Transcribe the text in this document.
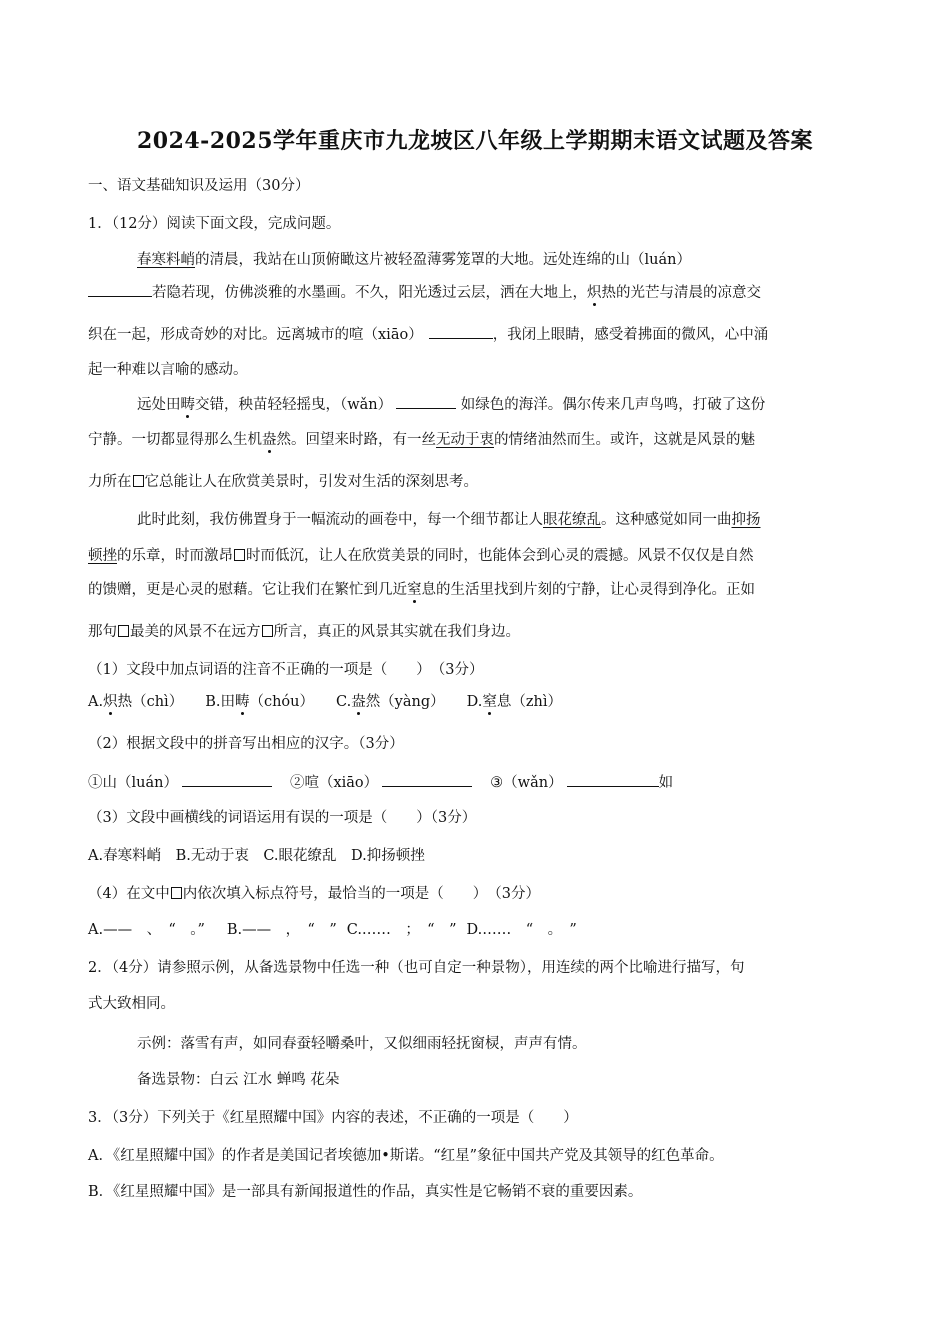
2024-2025学年重庆市九龙坡区八年级上学期期末语文试题及答案
一、语文基础知识及运用（30分）
1．（12分）阅读下面文段，完成问题。
春寒料峭的清晨，我站在山顶俯瞰这片被轻盈薄雾笼罩的大地。远处连绵的山（luán）
若隐若现，仿佛淡雅的水墨画。不久，阳光透过云层，洒在大地上，炽热的光芒与清晨的凉意交
织在一起，形成奇妙的对比。远离城市的喧（xiāo）	，我闭上眼睛，感受着拂面的微风，心中涌
起一种难以言喻的感动。
远处田畴交错，秧苗轻轻摇曳，（wǎn）	如绿色的海洋。偶尔传来几声鸟鸣，打破了这份
宁静。一切都显得那么生机盎然。回望来时路，有一丝无动于衷的情绪油然而生。或许，这就是风景的魅
力所在 它总能让人在欣赏美景时，引发对生活的深刻思考。
此时此刻，我仿佛置身于一幅流动的画卷中，每一个细节都让人眼花缭乱。这种感觉如同一曲抑扬
顿挫的乐章，时而激昂 时而低沉，让人在欣赏美景的同时，也能体会到心灵的震撼。风景不仅仅是自然
的馈赠，更是心灵的慰藉。它让我们在繁忙到几近窒息的生活里找到片刻的宁静，让心灵得到净化。正如
那句 最美的风景不在远方 所言，真正的风景其实就在我们身边。
（1）文段中加点词语的注音不正确的一项是（　　）　（3分）
A.炽热（chì） B.田畴（chóu） C.盎然（yàng） D.窒息（zhì）
（2）根据文段中的拼音写出相应的汉字。（3分）
①山（luán）	②喧（xiāo）	③（wǎn）	如
（3）文段中画横线的词语运用有误的一项是（　　）（3分）
A.春寒料峭　B.无动于衷　C.眼花缭乱　D.抑扬顿挫
（4）在文中 内依次填入标点符号，最恰当的一项是（　　）　（3分）
A.——　、　“　。” B.——　，　“　” C.……　；　“　” D.……　“　。　”
2．（4分）请参照示例，从备选景物中任选一种（也可自定一种景物），用连续的两个比喻进行描写，句
式大致相同。
示例：落雪有声，如同春蚕轻嚼桑叶，又似细雨轻抚窗棂，声声有情。
备选景物：白云 江水 蝉鸣 花朵
3．（3分）下列关于《红星照耀中国》内容的表述，不正确的一项是（　　）
A．《红星照耀中国》的作者是美国记者埃德加•斯诺。“红星”象征中国共产党及其领导的红色革命。
B．《红星照耀中国》是一部具有新闻报道性的作品，真实性是它畅销不衰的重要因素。
